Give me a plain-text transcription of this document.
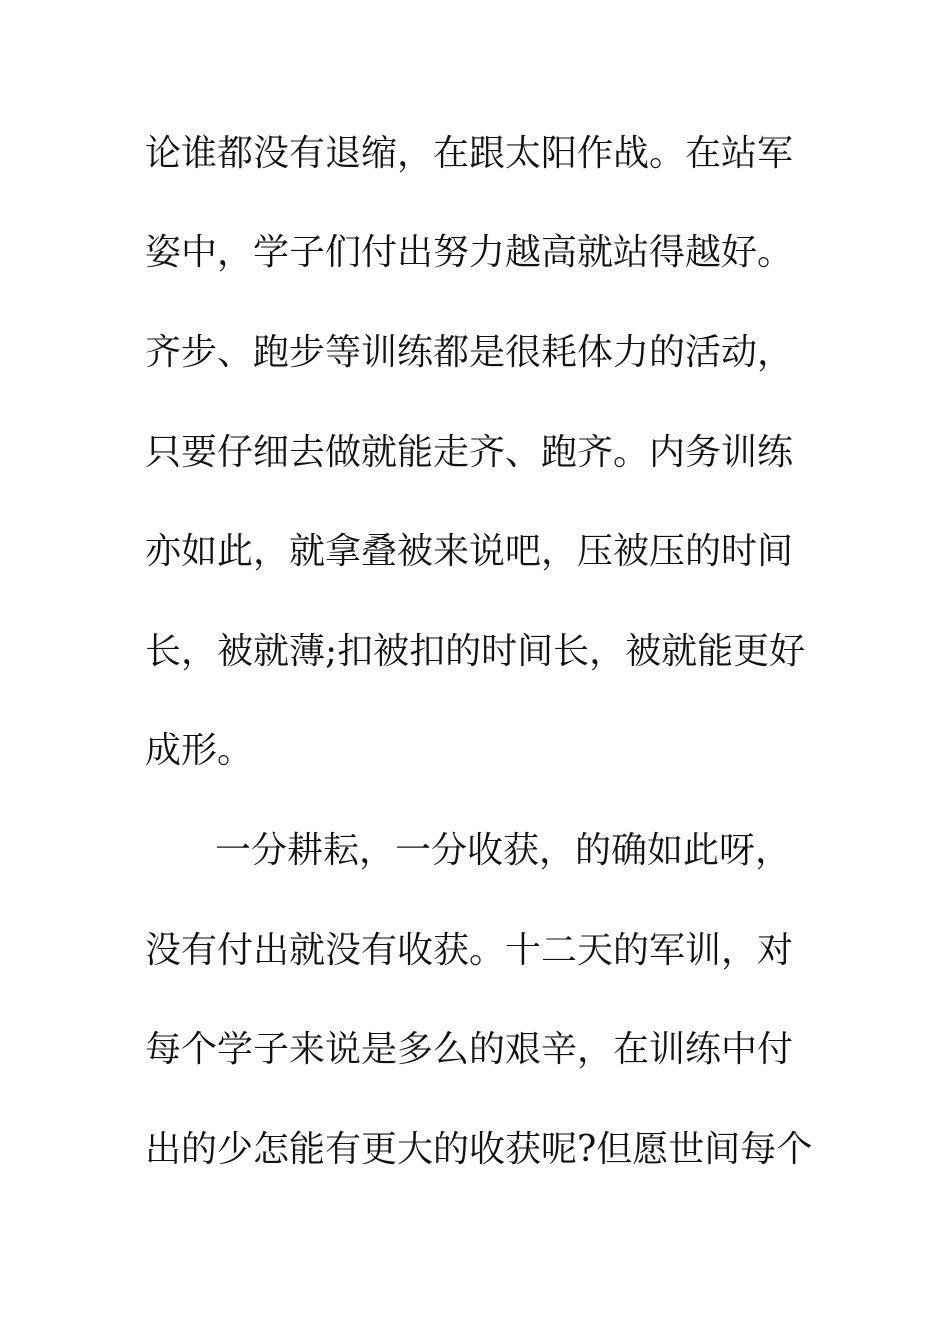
论谁都没有退缩，在跟太阳作战。在站军
姿中，学子们付出努力越高就站得越好。
齐步、跑步等训练都是很耗体力的活动，
只要仔细去做就能走齐、跑齐。内务训练
亦如此，就拿叠被来说吧，压被压的时间
长，被就薄;扣被扣的时间长，被就能更好
成形。
一分耕耘，一分收获，的确如此呀，
没有付出就没有收获。十二天的军训，对
每个学子来说是多么的艰辛，在训练中付
出的少怎能有更大的收获呢?但愿世间每个
